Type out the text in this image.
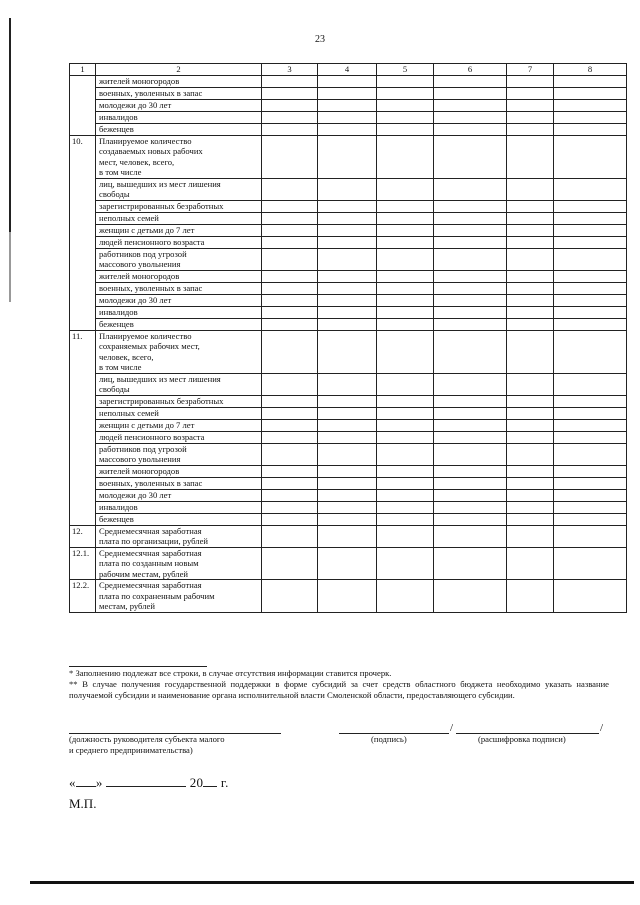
23
1	2	3	4	5	6	7	8
	жителей моногородов						
	военных, уволенных в запас						
	молодежи до 30 лет						
	инвалидов						
	беженцев						
10.	Планируемое количество
создаваемых новых рабочих
мест, человек, всего,
в том числе						
	лиц, вышедших из мест лишения
свободы						
	зарегистрированных безработных						
	неполных семей						
	женщин с детьми до 7 лет						
	людей пенсионного возраста						
	работников под угрозой
массового увольнения						
	жителей моногородов						
	военных, уволенных в запас						
	молодежи до 30 лет						
	инвалидов						
	беженцев						
11.	Планируемое количество
сохраняемых рабочих мест,
человек, всего,
в том числе						
	лиц, вышедших из мест лишения
свободы						
	зарегистрированных безработных						
	неполных семей						
	женщин с детьми до 7 лет						
	людей пенсионного возраста						
	работников под угрозой
массового увольнения						
	жителей моногородов						
	военных, уволенных в запас						
	молодежи до 30 лет						
	инвалидов						
	беженцев						
12.	Среднемесячная заработная
плата по организации, рублей						
12.1.	Среднемесячная заработная
плата по созданным новым
рабочим местам, рублей						
12.2.	Среднемесячная заработная
плата по сохраненным рабочим
местам, рублей						

* Заполнению подлежат все строки, в случае отсутствия информации ставится прочерк.

** В случае получения государственной поддержки в форме субсидий за счет средств областного бюджета необходимо указать название получаемой субсидии и наименование органа исполнительной власти Смоленской области, предоставляющего субсидии.

/	/
(должность руководителя субъекта малого
и среднего предпринимательства)
(подпись)	(расшифровка подписи)
« »	20 г.
М.П.
